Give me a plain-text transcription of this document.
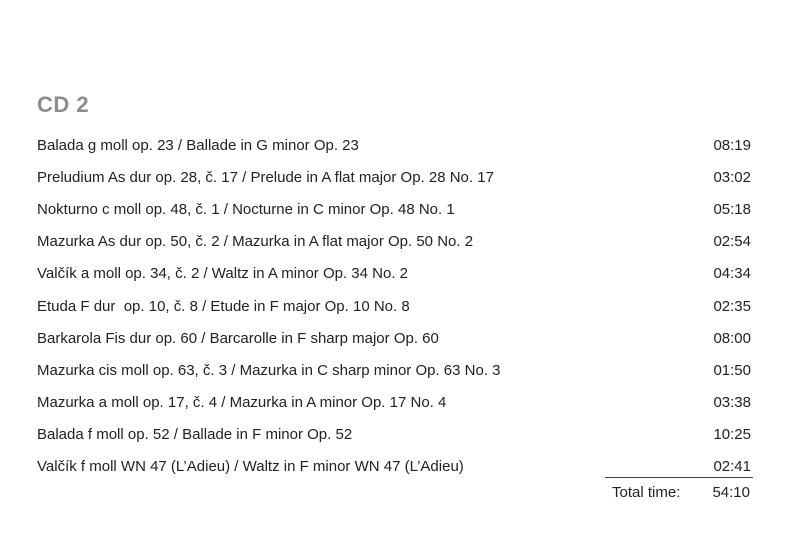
CD 2
Balada g moll op. 23 / Ballade in G minor Op. 23	08:19
Preludium As dur op. 28, č. 17 / Prelude in A flat major Op. 28 No. 17	03:02
Nokturno c moll op. 48, č. 1 / Nocturne in C minor Op. 48 No. 1	05:18
Mazurka As dur op. 50, č. 2 / Mazurka in A flat major Op. 50 No. 2	02:54
Valčík a moll op. 34, č. 2 / Waltz in A minor Op. 34 No. 2	04:34
Etuda F dur  op. 10, č. 8 / Etude in F major Op. 10 No. 8	02:35
Barkarola Fis dur op. 60 / Barcarolle in F sharp major Op. 60	08:00
Mazurka cis moll op. 63, č. 3 / Mazurka in C sharp minor Op. 63 No. 3	01:50
Mazurka a moll op. 17, č. 4 / Mazurka in A minor Op. 17 No. 4	03:38
Balada f moll op. 52 / Ballade in F minor Op. 52	10:25
Valčík f moll WN 47 (L’Adieu) / Waltz in F minor WN 47 (L’Adieu)	02:41
Total time: 54:10
